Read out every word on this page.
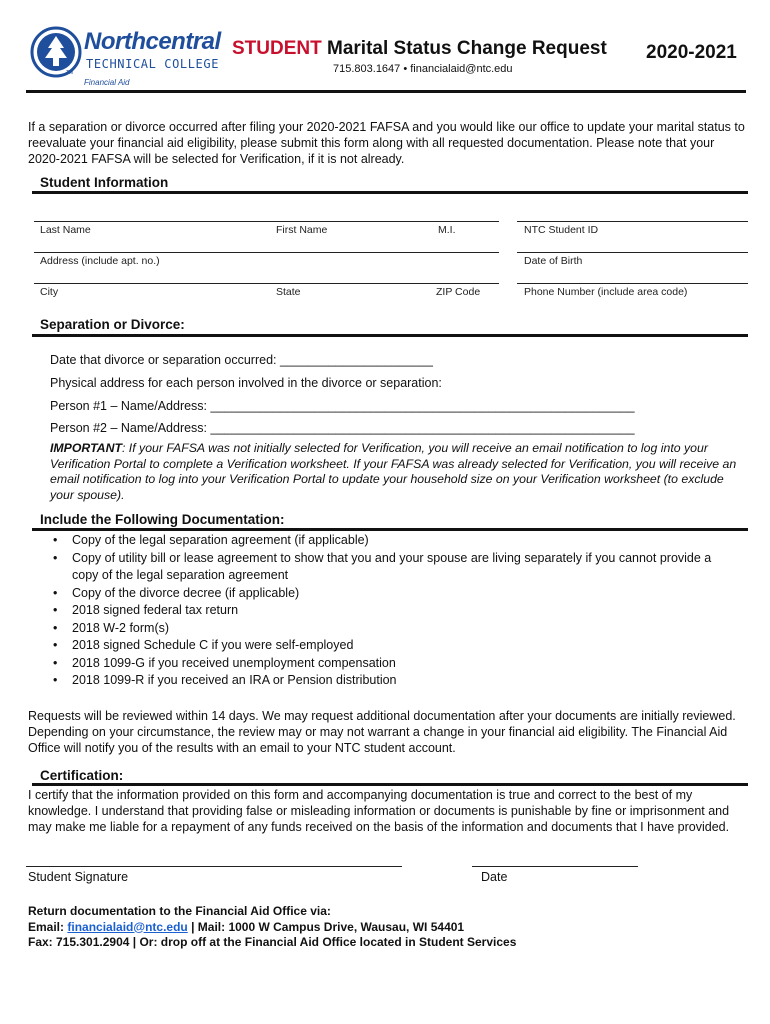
Northcentral
TECHNICAL COLLEGE
TM
Financial Aid
STUDENT Marital Status Change Request 2020-2021
715.803.1647 • financialaid@ntc.edu
If a separation or divorce occurred after filing your 2020-2021 FAFSA and you would like our office to update your marital status to reevaluate your financial aid eligibility, please submit this form along with all requested documentation. Please note that your 2020-2021 FAFSA will be selected for Verification, if it is not already.
Student Information
Last Name	First Name	M.I.	NTC Student ID
Address (include apt. no.)	Date of Birth
City	State	ZIP Code	Phone Number (include area code)
Separation or Divorce:
Date that divorce or separation occurred: ______________________
Physical address for each person involved in the divorce or separation:
Person #1 – Name/Address: _____________________________________________________________
Person #2 – Name/Address: _____________________________________________________________
IMPORTANT: If your FAFSA was not initially selected for Verification, you will receive an email notification to log into your Verification Portal to complete a Verification worksheet. If your FAFSA was already selected for Verification, you will receive an email notification to log into your Verification Portal to update your household size on your Verification worksheet (to exclude your spouse).
Include the Following Documentation:
• Copy of the legal separation agreement (if applicable)
• Copy of utility bill or lease agreement to show that you and your spouse are living separately if you cannot provide a copy of the legal separation agreement
• Copy of the divorce decree (if applicable)
• 2018 signed federal tax return
• 2018 W-2 form(s)
• 2018 signed Schedule C if you were self-employed
• 2018 1099-G if you received unemployment compensation
• 2018 1099-R if you received an IRA or Pension distribution
Requests will be reviewed within 14 days. We may request additional documentation after your documents are initially reviewed. Depending on your circumstance, the review may or may not warrant a change in your financial aid eligibility. The Financial Aid Office will notify you of the results with an email to your NTC student account.
Certification:
I certify that the information provided on this form and accompanying documentation is true and correct to the best of my knowledge. I understand that providing false or misleading information or documents is punishable by fine or imprisonment and may make me liable for a repayment of any funds received on the basis of the information and documents that I have provided.
Student Signature	Date
Return documentation to the Financial Aid Office via:
Email: financialaid@ntc.edu | Mail: 1000 W Campus Drive, Wausau, WI 54401
Fax: 715.301.2904 | Or: drop off at the Financial Aid Office located in Student Services
